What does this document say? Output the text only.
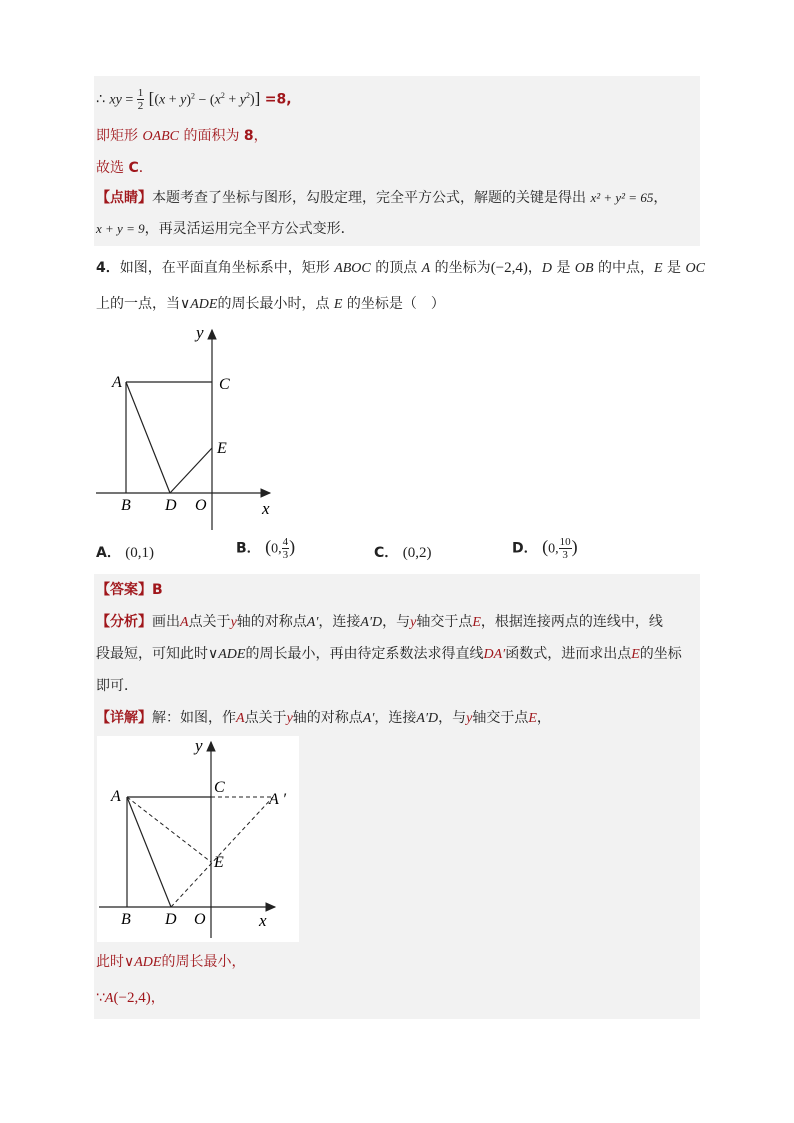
∴ xy = $\frac{1}{2} [(x + y)^2 - (x^2 + y^2)] =8$,
即矩形 OABC 的面积为 8，
故选 C．
【点睛】本题考查了坐标与图形，勾股定理，完全平方公式，解题的关键是得出 x² + y² = 65，
x + y = 9，再灵活运用完全平方公式变形．
4．如图，在平面直角坐标系中，矩形 ABOC 的顶点 A 的坐标为(−2,4)，D 是 OB 的中点，E 是 OC
上的一点，当∨ADE的周长最小时，点 E 的坐标是（　）
y
x
A	C
E
B D O
A． (0,1)	B． (0, $\frac{4}{3}$ )	C． (0,2)	D． (0, $\frac{10}{3}$ )
【答案】B
【分析】画出A点关于y轴的对称点A′，连接A′D，与y轴交于点E，根据连接两点的连线中，线
段最短，可知此时∨ADE的周长最小，再由待定系数法求得直线DA′函数式，进而求出点E的坐标
即可．
【详解】解：如图，作A点关于y轴的对称点A′，连接A′D，与y轴交于点E，
y
x
A
C
A ′
E
B D O
此时∨ADE的周长最小，
∵A(−2,4)，
